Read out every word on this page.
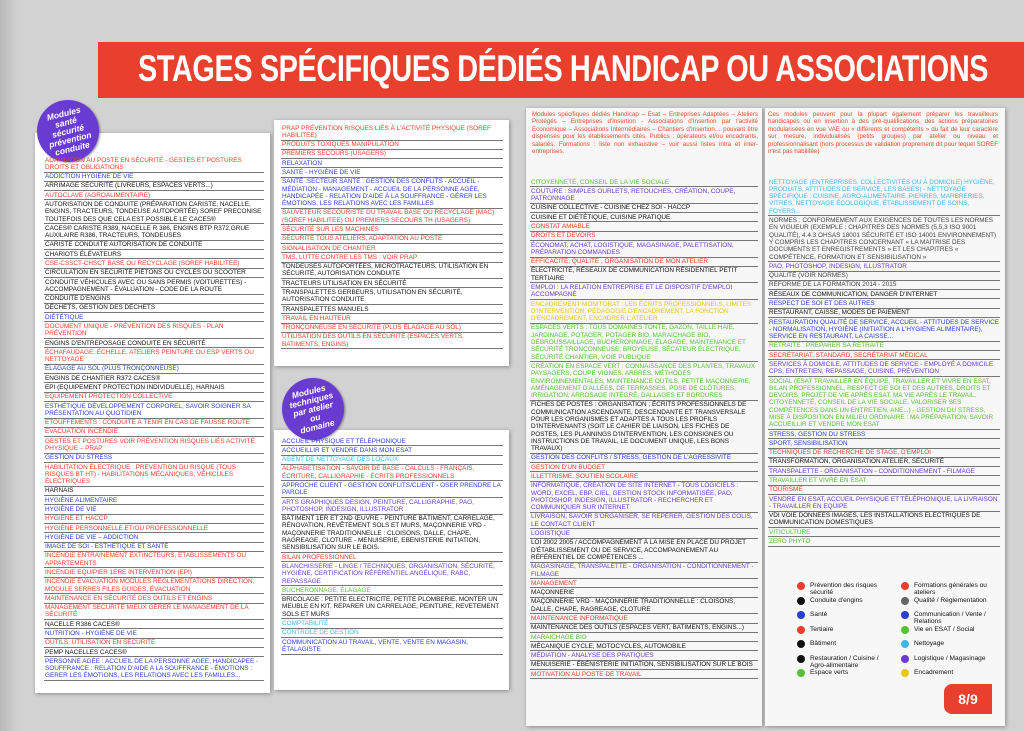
STAGES SPÉCIFIQUES DÉDIÉS HANDICAP OU ASSOCIATIONS
Modules santé sécurité prévention conduite
Modules techniques par atelier ou domaine
ADAPTATION AU POSTE EN SÉCURITÉ - GESTES ET POSTURES DROITS ET OBLIGATIONS
ADDICTION HYGIÈNE DE VIE
ARRIMAGE SÉCURITÉ (LIVREURS, ESPACES VERTS...)
AUTOCLAVE (AGROALIMENTAIRE)
AUTORISATION DE CONDUITE (PRÉPARATION CARISTE, NACELLE, ENGINS, TRACTEURS, TONDEUSE AUTOPORTÉE) SOREF PRECONISE TOUTEFOIS DES QUE CELA EST POSSIBLE LE CACES®
CACES® CARISTE R389, NACELLE R 386, ENGINS BTP R372,GRUE AUXILAIRE R386, TRACTEURS, TONDEUSES
CARISTE CONDUITE AUTORISATION DE CONDUITE
CHARIOTS ÉLÉVATEURS
CSE-CSSCT-CHSCT BASE OU RECYCLAGE (SOREF HABILITEE)
CIRCULATION EN SÉCURITÉ PIÉTONS OU CYCLES OU SCOOTER
CONDUITE VÉHICULES AVEC OU SANS PERMIS (VOITURETTES) - ACCOMPAGNEMENT - ÉVALUATION - CODE DE LA ROUTE
CONDUITE D'ENGINS
DÉCHETS, GESTION DES DÉCHETS
DIÉTÉTIQUE
DOCUMENT UNIQUE - PRÉVENTION DES RISQUES - PLAN PRÉVENTION
ENGINS D'ENTREPOSAGE CONDUITE EN SÉCURITÉ
ÉCHAFAUDAGE, ÉCHELLE, ATELIERS PEINTURE OU ESP VERTS OU NETTOYAGE
ÉLAGAGE AU SOL (PLUS TRONÇONNEUSE)
ENGINS DE CHANTIER R372 CACES®
EPI (EQUIPEMENT PROTECTION INDIVIDUELLE), HARNAIS
EQUIPEMENT PROTECTION COLLECTIVE
ESTHÉTIQUE DÉVELOPPEMENT CORPOREL, SAVOIR SOIGNER SA PRÉSENTATION AU QUOTIDIEN
ÉTOUFFEMENTS : CONDUITE À TENIR EN CAS DE FAUSSE ROUTE
ÉVACUATION INCENDIE
GESTES ET POSTURES VOIR PRÉVENTION RISQUES LIÉS ACTIVITÉ PHYSIQUE – PRAP
GESTION DU STRESS
HABILITATION ÉLECTRIQUE : PREVENTION DU RISQUE (TOUS RISQUES BT HT) - HABILITATIONS MÉCANIQUES, VÉHICULES ÉLECTRIQUES
HARNAIS
HYGIÈNE ALIMENTAIRE
HYGIÈNE DE VIE
HYGIÈNE ET HACCP
HYGIÈNE PERSONNELLE ET/OU PROFESSIONNELLE
HYGIÈNE DE VIE – ADDICTION
IMAGE DE SOI - ESTHÉTIQUE ET SANTÉ
INCENDIE ENTRAINEMENT EXTINCTEURS, ÉTABLISSEMENTS OU APPARTEMENTS
INCENDIE EQUIPIER 1ERE INTERVENTION (EPI)
INCENDIE ÉVACUATION MODULES RÉGLEMENTATIONS DIRECTION, MODULE SERRES FILES GUIDES, ÉVACUATION
MAINTENANCE EN SÉCURITÉ DES OUTILS ET ENGINS
MANAGEMENT SÉCURITÉ MIEUX GÉRER LE MANAGEMENT DE LA SÉCURITÉ
NACELLE R386 CACES®
NUTRITION - HYGIÈNE DE VIE
OUTILS, UTILISATION EN SÉCURITÉ
PEMP NACELLES CACES®
PERSONNE AGÉE : ACCUEIL DE LA PERSONNE AGEE, HANDICAPEE - SOUFFRANCE : RELATION D'AIDE A LA SOUFFRANCE - ÉMOTIONS : GERER LES ÉMOTIONS, LES RELATIONS AVEC LES FAMILLES...
PRAP PRÉVENTION RISQUES LIÉS À L'ACTIVITÉ PHYSIQUE (SOREF HABILITEE)
PRODUITS TOXIQUES MANIPULATION
PREMIERS SECOURS (USAGERS)
RELAXATION
SANTÉ - HYGIÈNE DE VIE
SANTÉ :SECTEUR SANTÉ : GESTION DES CONFLITS - ACCUEIL - MÉDIATION - MANAGEMENT - ACCUEIL DE LA PERSONNE AGÉE, HANDICAPÉE - RELATION D'AIDE À LA SOUFFRANCE - GÉRER LES ÉMOTIONS, LES RELATIONS AVEC LES FAMILLES
SAUVETEUR SECOURISTE DU TRAVAIL BASE OU RECYCLAGE (MAC) (SOREF HABILITEE) OU PREMIERS SECOURS TH (USAGERS)
SÉCURITÉ SUR LES MACHINES
SÉCURITÉ TOUS ATELIERS, ADAPTATION AU POSTE
SIGNALISATION DE CHANTIER
TMS, LUTTE CONTRE LES TMS : VOIR PRAP
TONDEUSES AUTOPORTÉES, MICROTRACTEURS, UTILISATION EN SÉCURITÉ, AUTORISATION CONDUITE
TRACTEURS UTILISATION EN SÉCURITÉ
TRANSPALETTES GERBEURS, UTILISATION EN SÉCURITÉ, AUTORISATION CONDUITE
TRANSPALETTES MANUELS
TRAVAIL EN HAUTEUR
TRONÇONNEUSE EN SÉCURITÉ (PLUS ÉLAGAGE AU SOL)
UTILISATION DES OUTILS EN SÉCURITÉ (ESPACES VERTS, BATIMENTS, ENGINS)
ACCUEIL PHYSIQUE ET TÉLÉPHONIQUE
ACCUEILLIR ET VENDRE DANS MON ESAT
AGENT DE NETTOYAGE DES LOCAUX
ALPHABÉTISATION - SAVOIR DE BASE - CALCULS - FRANÇAIS, ÉCRITURE, CALLIGRAPHIE - ÉCRITS PROFESSIONNELS
APPROCHE CLIENT - GESTION CONFLITS/CLIENT - OSER PRENDRE LA PAROLE
ARTS GRAPHIQUES DESIGN, PEINTURE, CALLIGRAPHIE, PAO, PHOTOSHOP, INDESIGN, ILLUSTRATOR
BÂTIMENT 1ER ET 2ND ŒUVRE - PEINTURE BÂTIMENT, CARRELAGE, RÉNOVATION, REVÊTEMENT SOLS ET MURS, MAÇONNERIE VRD - MAÇONNERIE TRADITIONNELLE : CLOISONS, DALLE, CHAPE, RAGREAGE, CLOTURE - MENUISERIE, EBENISTERIE INITIATION, SENSIBILISATION SUR LE BOIS.
BILAN PROFESSIONNEL
BLANCHISSERIE - LINGE / TECHNIQUES, ORGANISATION, SÉCURITÉ, HYGIÈNE, CERTIFICATION RÉFÉRENTIEL ANGÉLIQUE, RABC, REPASSAGE
BUCHERONNAGE, ÉLAGAGE
BRICOLAGE : PETITE ELECTRICITE, PETITE PLOMBERIE, MONTER UN MEUBLE EN KIT, REPARER UN CARRELAGE, PEINTURE, REVETEMENT SOLS ET MURS
COMPTABILITÉ
CONTRÔLE DE GESTION
COMMUNICATION AU TRAVAIL, VENTE, VENTE EN MAGASIN, ÉTALAGISTE
Modules spécifiques dédiés Handicap – Esat – Entreprises Adaptées – Ateliers Protégés – Entreprises d'Insertion - Associations d'Insertion par l'activité Economique – Associations Intermédiaires – Chantiers d'Insertion… pouvant être dispensés pour les établissements cités. Publics : opérateurs et/ou encadrants, salariés. Formations : liste non exhaustive – voir aussi listes intra et inter-entreprises.
Ces modules peuvent pour la plupart également préparer les travailleurs handicapés ou en insertion à des pré-qualifications, des actions préparatoires modularisées en vue VAE ou « différents et compétents » du fait de leur caractère sur mesure, individualisés (petits groupes) par atelier ou niveau et professionnalisant (hors processus de validation proprement dit pour lequel SOREF n'est pas habilitée)
CITOYENNETÉ, CONSEIL DE LA VIE SOCIALE
COUTURE : SIMPLES OURLETS, RETOUCHES, CRÉATION, COUPE, PATRONNAGE
CUISINE COLLECTIVE - CUISINE CHEZ SOI - HACCP
CUISINE ET DIÉTÉTIQUE, CUISINE PRATIQUE
CONSTAT AMIABLE
DROITS ET DEVOIRS
ÉCONOMAT, ACHAT, LOGISTIQUE, MAGASINAGE, PALETTISATION, PRÉPARATION COMMANDES
EFFICACITÉ, QUALITÉ , ORGANISATION DE MON ATELIER
ÉLECTRICITÉ, RÉSEAUX DE COMMUNICATION RÉSIDENTIEL PETIT TERTIAIRE
EMPLOI : LA RELATION ENTREPRISE ET LE DISPOSITIF D'EMPLOI ACCOMPAGNÉ
ENCADREMENT MONITORAT : LES ÉCRITS PROFESSIONNELS, LIMITES D'INTERVENTION, PÉDAGOGIE D'ENCADREMENT, LA FONCTION D'ENCADREMENT, ENCADRER L'ATELIER
ESPACES VERTS : TOUS DOMAINES TONTE, GAZON, TAILLE HAIE, JARDINAGE, POTAGER, POTAGER BIO, MARAICHAGE BIO, DÉBROUSSAILLAGE, BUCHERONNAGE, ÉLAGAGE, MAINTENANCE ET SÉCURITÉ TRONÇONNEUSE, BROYEUSE, SÉCATEUR ÉLECTRIQUE, SÉCURITÉ CHANTIER, VOIE PUBLIQUE
CRÉATION EN ESPACE VERT : CONNAISSANCE DES PLANTES, TRAVAUX PAYSAGERS, COUPE VIGNES, ARBRES, MÉTHODES ENVIRONNEMENTALES, MAINTENANCE OUTILS, PETITE MAÇONNERIE, AMÉNAGEMENT D'ALLÉES, DE TERRASSES, POSE DE CLÔTURES, IRRIGATION, ARROSAGE INTÉGRÉ, DALLAGES ET BORDURES
FICHES DE POSTES : ORGANISATION ; ÉCRITS PROFESSIONNELS DE COMMUNICATION ASCENDANTE, DESCENDANTE ET TRANSVERSALE POUR LES ORGANISMES ET ADAPTES A TOUS LES PROFILS D'INTERVENANTS (SOIT LE CAHIER DE LIAISON, LES FICHES DE POSTES, LES PLANNINGS D'INTERVENTION, LES CONSIGNES OU INSTRUCTIONS DE TRAVAIL, LE DOCUMENT UNIQUE, LES BONS TRAVAUX)
GESTION DES CONFLITS / STRESS, GESTION DE L'AGRESSIVITÉ
GESTION D'UN BUDGET
ILLETTRISME, SOUTIEN SCOLAIRE
INFORMATIQUE, CRÉATION DE SITE INTERNET - TOUS LOGICIELS : WORD, EXCEL, EBP, CIEL, GESTION STOCK INFORMATISÉE, PAO, PHOTOSHOP, INDESIGN, ILLUSTRATOR - RECHERCHER ET COMMUNIQUER SUR INTERNET
LIVRAISON, SAVOIR S'ORGANISER, SE REPÉRER, GESTION DES COLIS, LE CONTACT CLIENT
LOGISTIQUE
LOI 2002 2005 / ACCOMPAGNEMENT À LA MISE EN PLACE DU PROJET D'ÉTABLISSEMENT OU DE SERVICE, ACCOMPAGNEMENT AU RÉFÉRENTIEL DE COMPÉTENCES ...
MAGASINAGE, TRANSPALETTE - ORGANISATION - CONDITIONNEMENT - FILMAGE
MANAGEMENT
MAÇONNERIE
MAÇONNERIE VRD - MAÇONNERIE TRADITIONNELLE : CLOISONS, DALLE, CHAPE, RAGREAGE, CLOTURE
MAINTENANCE INFORMATIQUE
MAINTENANCE DES OUTILS (ESPACES VERT, BATIMENTS, ENGINS...)
MARAICHAGE BIO
MÉCANIQUE CYCLE, MOTOCYCLES, AUTOMOBILE
MÉDIATION - ANALYSE DES PRATIQUES
MENUISERIE - ÉBÉNISTERIE INITIATION, SENSIBILISATION SUR LE BOIS
MOTIVATION AU POSTE DE TRAVAIL
NETTOYAGE (ENTREPRISES, COLLECTIVITÉS OU À DOMICILE) HYGIÈNE, PRODUITS, ATTITUDES DE SERVICE, LES BASES) - NETTOYAGE SPÉCIFIQUE : CUISINE, AGRO-ALIMENTAIRE, PIERRES, MARBRERIES, VITRES, NETTOYAGE ÉCOLOGIQUE, ÉTABLISSEMENT DE SOINS, FOYERS...
NORMES : CONFORMEMENT AUX EXIGENCES DE TOUTES LES NORMES EN VIGUEUR (EXEMPLE : CHAPITRES DES NORMES (5,5,3 ISO 9001 QUALITÉ), 4.4.3 OHSAS 18001 SÉCURITÉ ET ISO 14001 ENVIRONNEMENT) Y COMPRIS LES CHAPITRES CONCERNANT « LA MAITRISE DES DOCUMENTS ET ENREGISTREMENTS » ET LES CHAPITRES « COMPÉTENCE, FORMATION ET SENSIBILISATION »
PAO, PHOTOSHOP, INDESIGN, ILLUSTRATOR
QUALITÉ (VOIR NORMES)
RÉFORME DE LA FORMATION 2014 - 2015
RÉSEAUX DE COMMUNICATION, DANGER D'INTERNET
RESPECT DE SOI ET DES AUTRES
RESTAURANT, CAISSE, MODES DE PAIEMENT
RESTAURATION QUALITÉ DE SERVICE, ACCUEIL - ATTITUDES DE SERVICE - NORMALISATION, HYGIÈNE (INITIATION A L'HYGIENE ALIMENTAIRE), SERVICE EN RESTAURANT, LA CAISSE...
RETRAITE : PRÉPARER SA RETRAITE
SECRÉTARIAT, STANDARD, SECRÉTARIAT MÉDICAL
SERVICES À DOMICILE, ATTITUDES DE SERVICE - EMPLOYÉ A DOMICILE CPS, ENTRETIEN, REPASSAGE, CUISINE, PRÉVENTION
SOCIAL (ESAT TRAVAILLER EN ÉQUIPE, TRAVAILLER ET VIVRE EN ESAT, BILAN PROFESSIONNEL, RESPECT DE SOI ET DES AUTRES, DROITS ET DEVOIRS, PROJET DE VIE APRÈS ESAT, MA VIE APRÈS LE TRAVAIL, CITOYENNETÉ, CONSEIL DE LA VIE SOCIALE, VALORISER SES COMPÉTENCES DANS UN ENTRETIEN, ANE...) - GESTION DU STRESS, MISE À DISPOSITION EN MILIEU ORDINAIRE : MA PRÉPARATION, SAVOIR ACCUEILLIR ET VENDRE MON ESAT
STRESS, GESTION DU STRESS
SPORT, SENSIBILISATION
TECHNIQUES DE RECHERCHE DE STAGE, D'EMPLOI
TRANSFORMATION, ORGANISATION ATELIER, SÉCURITÉ
TRANSPALETTE - ORGANISATION - CONDITIONNEMENT - FILMAGE
TRAVAILLER ET VIVRE EN ESAT
TOURISME
VENDRE EN ESAT, ACCUEIL PHYSIQUE ET TÉLÉPHONIQUE, LA LIVRAISON - TRAVAILLER EN EQUIPE
VDI VOIE DONNEES IMAGES, LES INSTALLATIONS ELECTRIQUES DE COMMUNICATION DOMESTIQUES
VITICULTURE
ZERO PHYTO
Prévention des risques sécurité
Formations générales ou ateliers
Conduite d'engins	Qualité / Réglementation
Santé	Communication / Vente / Relations
Tertiaire	Vie en ESAT / Social
Bâtiment	Nettoyage
Restauration / Cuisine / Agro-alimentaire
Logistique / Magasinage
Espace verts	Encadrement
8/9
